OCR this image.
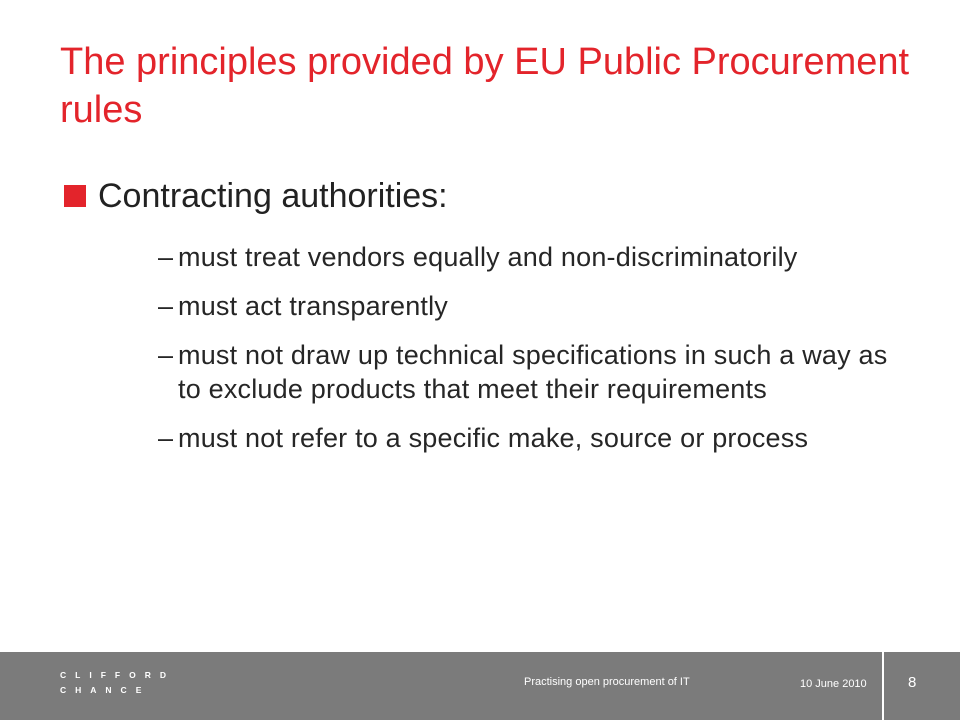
The principles provided by EU Public Procurement rules
Contracting authorities:
– must treat vendors equally and non-discriminatorily
– must act transparently
– must not draw up technical specifications in such a way as to exclude products that meet their requirements
– must not refer to a specific make, source or process
CLIFFORD
CHANCE
Practising open procurement of IT	10 June 2010	8
